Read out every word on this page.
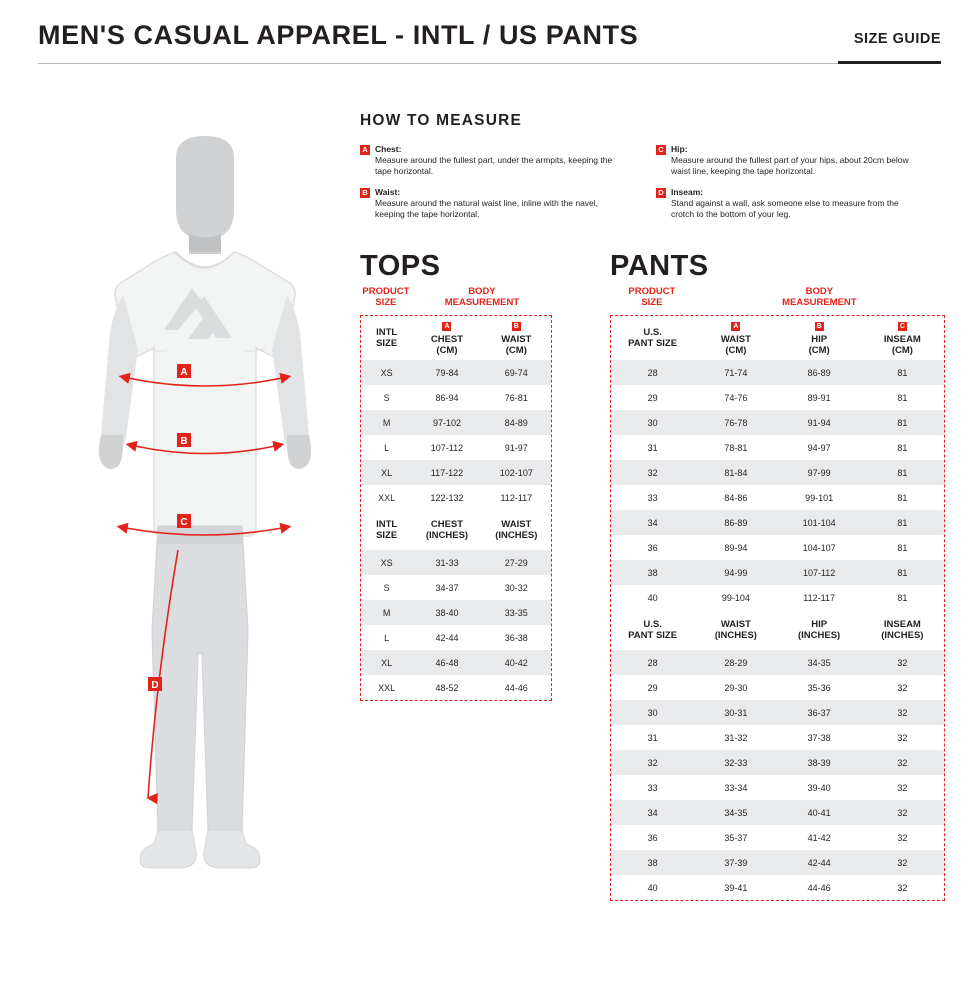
MEN'S CASUAL APPAREL - INTL / US PANTS	SIZE GUIDE
A
B
C
D
HOW TO MEASURE
A Chest:
Measure around the fullest part, under the armpits, keeping the tape horizontal.
B Waist:
Measure around the natural waist line, inline with the navel, keeping the tape horizontal.
C Hip:
Measure around the fullest part of your hips, about 20cm below waist line, keeping the tape horizontal.
D Inseam:
Stand against a wall, ask someone else to measure from the crotch to the bottom of your leg.
TOPS
PRODUCT
SIZE	BODY
MEASUREMENT
INTL
SIZE	A
CHEST
(CM)	B
WAIST
(CM)

XS	79-84	69-74
S	86-94	76-81
M	97-102	84-89
L	107-112	91-97
XL	117-122	102-107
XXL	122-132	112-117

INTL
SIZE	CHEST
(INCHES)	WAIST
(INCHES)

XS	31-33	27-29
S	34-37	30-32
M	38-40	33-35
L	42-44	36-38
XL	46-48	40-42
XXL	48-52	44-46
PANTS
PRODUCT
SIZE	BODY
MEASUREMENT
U.S.
PANT SIZE	A
WAIST
(CM)	B
HIP
(CM)	C
INSEAM
(CM)

28	71-74	86-89	81
29	74-76	89-91	81
30	76-78	91-94	81
31	78-81	94-97	81
32	81-84	97-99	81
33	84-86	99-101	81
34	86-89	101-104	81
36	89-94	104-107	81
38	94-99	107-112	81
40	99-104	112-117	81

U.S.
PANT SIZE	WAIST
(INCHES)	HIP
(INCHES)	INSEAM
(INCHES)

28	28-29	34-35	32
29	29-30	35-36	32
30	30-31	36-37	32
31	31-32	37-38	32
32	32-33	38-39	32
33	33-34	39-40	32
34	34-35	40-41	32
36	35-37	41-42	32
38	37-39	42-44	32
40	39-41	44-46	32
